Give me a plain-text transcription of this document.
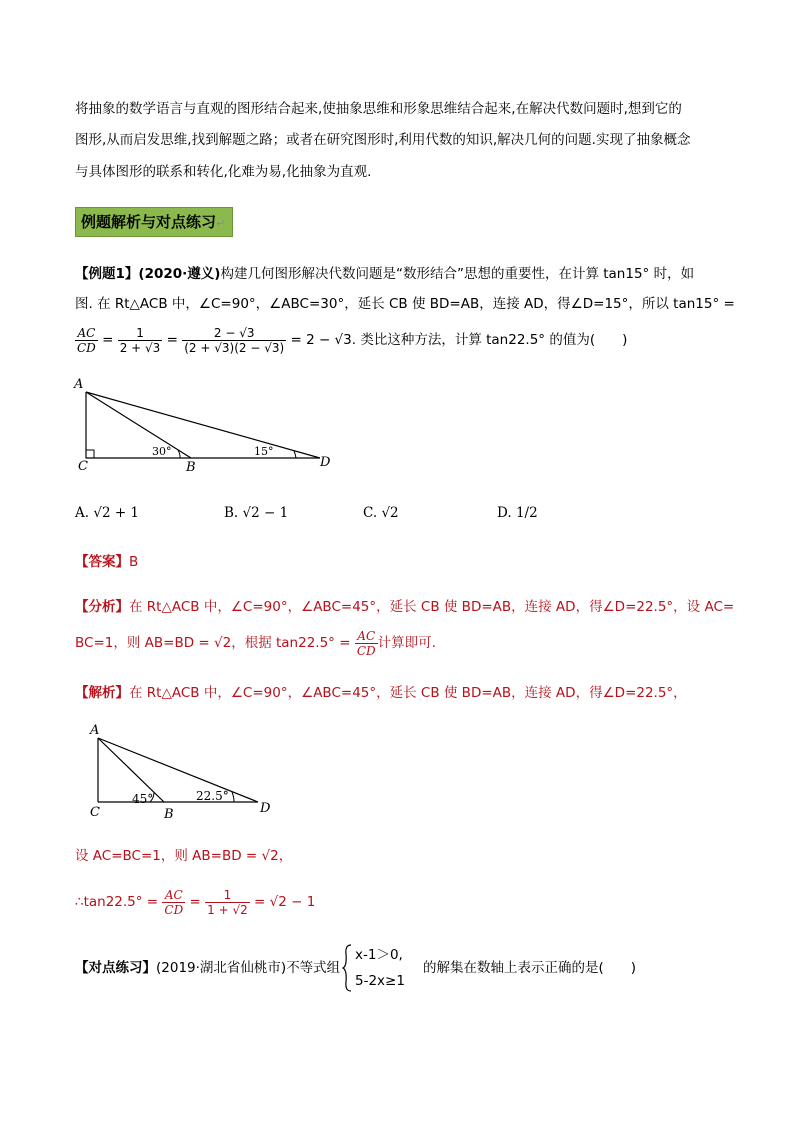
将抽象的数学语言与直观的图形结合起来,使抽象思维和形象思维结合起来,在解决代数问题时,想到它的
图形,从而启发思维,找到解题之路；或者在研究图形时,利用代数的知识,解决几何的问题.实现了抽象概念
与具体图形的联系和转化,化难为易,化抽象为直观.
例题解析与对点练习↵
【例题1】(2020·遵义)构建几何图形解决代数问题是“数形结合”思想的重要性，在计算 tan15° 时，如
图. 在 Rt△ACB 中，∠C=90°，∠ABC=30°，延长 CB 使 BD=AB，连接 AD，得∠D=15°，所以 tan15° =
$\frac{AC}{CD} = \frac{1}{2 + √3} = \frac{2 - √3}{(2 + √3)(2 - √3)} = 2 - √3$. 类比这种方法，计算 tan22.5° 的值为(　　)
A
C	B	D
30°	15°
A. √2 + 1	B. √2 − 1	C. √2	D. 1/2
【答案】B
【分析】在 Rt△ACB 中，∠C=90°，∠ABC=45°，延长 CB 使 BD=AB，连接 AD，得∠D=22.5°，设 AC=
BC=1，则 AB=BD = √2，根据 $\tan 22.5^\circ = \frac{AC}{CD}$ 计算即可.
【解析】在 Rt△ACB 中，∠C=90°，∠ABC=45°，延长 CB 使 BD=AB，连接 AD，得∠D=22.5°，
A
C	B	D
45°	22.5°
设 AC=BC=1，则 AB=BD = √2，
∴tan22.5° = $\frac{AC}{CD} = \frac{1}{1 + √2} = √2 - 1$
【对点练习】(2019·湖北省仙桃市)不等式组
x-1＞0,
5-2x≥1
的解集在数轴上表示正确的是(　　)
